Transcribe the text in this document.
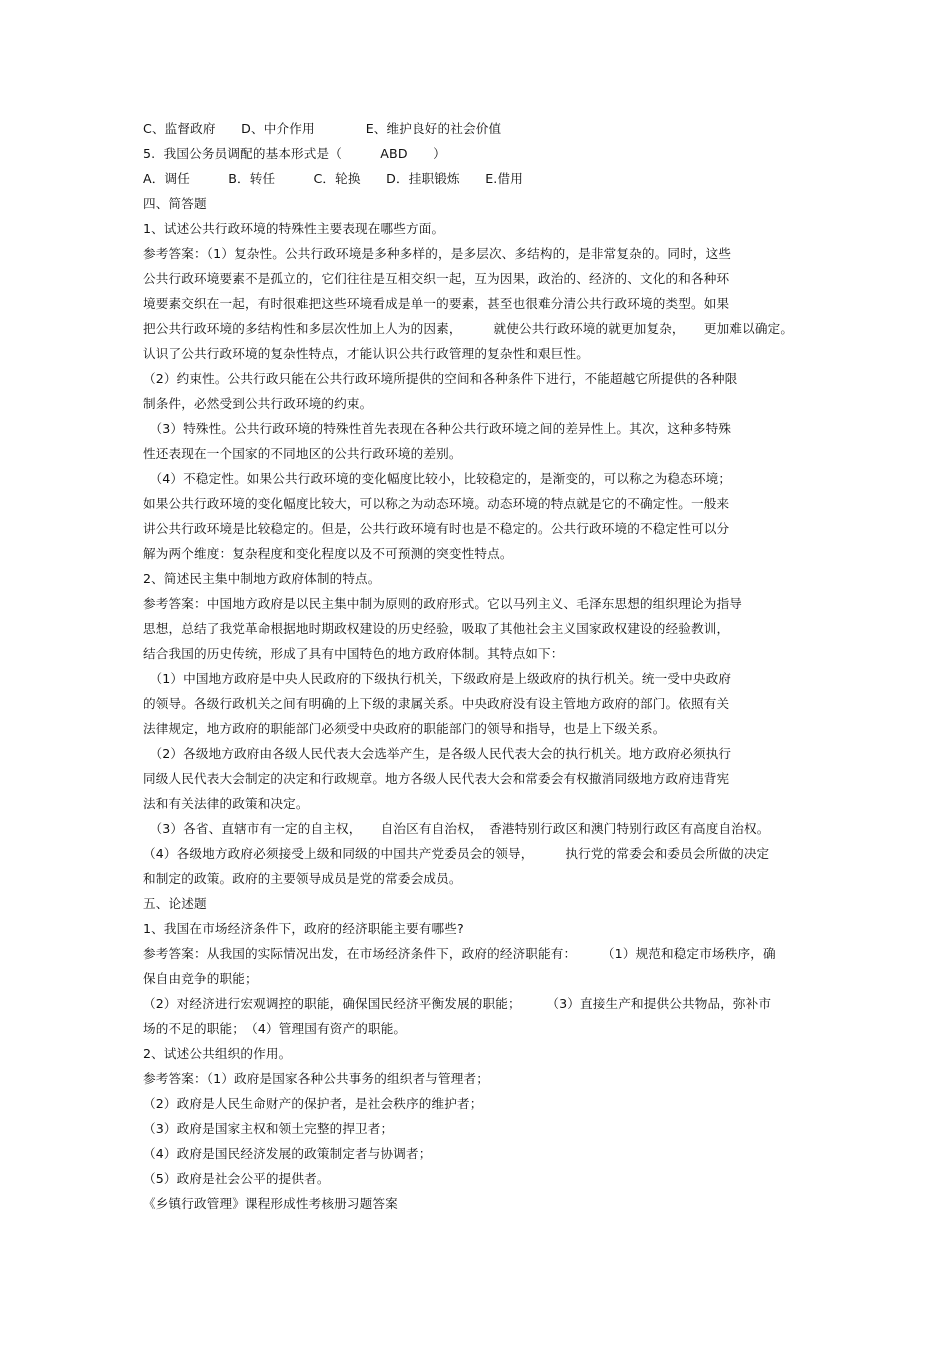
C、监督政府　　D、中介作用　　　　E、维护良好的社会价值
5.  我国公务员调配的基本形式是（　　　ABD　　）
A．调任　　　B．转任　　　C．轮换　　D．挂职锻炼　　E.借用
四、简答题
1、试述公共行政环境的特殊性主要表现在哪些方面。
参考答案：（1）复杂性。公共行政环境是多种多样的，是多层次、多结构的，是非常复杂的。同时，这些
公共行政环境要素不是孤立的，它们往往是互相交织一起，互为因果，政治的、经济的、文化的和各种环
境要素交织在一起，有时很难把这些环境看成是单一的要素，甚至也很难分清公共行政环境的类型。如果
把公共行政环境的多结构性和多层次性加上人为的因素，　　　就使公共行政环境的就更加复杂，　　更加难以确定。
认识了公共行政环境的复杂性特点，才能认识公共行政管理的复杂性和艰巨性。
（2）约束性。公共行政只能在公共行政环境所提供的空间和各种条件下进行，不能超越它所提供的各种限
制条件，必然受到公共行政环境的约束。
　（3）特殊性。公共行政环境的特殊性首先表现在各种公共行政环境之间的差异性上。其次，这种多特殊
性还表现在一个国家的不同地区的公共行政环境的差别。
　（4）不稳定性。如果公共行政环境的变化幅度比较小，比较稳定的，是渐变的，可以称之为稳态环境；
如果公共行政环境的变化幅度比较大，可以称之为动态环境。动态环境的特点就是它的不确定性。一般来
讲公共行政环境是比较稳定的。但是，公共行政环境有时也是不稳定的。公共行政环境的不稳定性可以分
解为两个维度：复杂程度和变化程度以及不可预测的突变性特点。
2、简述民主集中制地方政府体制的特点。
参考答案：中国地方政府是以民主集中制为原则的政府形式。它以马列主义、毛泽东思想的组织理论为指导
思想，总结了我党革命根据地时期政权建设的历史经验，吸取了其他社会主义国家政权建设的经验教训，
结合我国的历史传统，形成了具有中国特色的地方政府体制。其特点如下：
　（1）中国地方政府是中央人民政府的下级执行机关，下级政府是上级政府的执行机关。统一受中央政府
的领导。各级行政机关之间有明确的上下级的隶属关系。中央政府没有设主管地方政府的部门。依照有关
法律规定，地方政府的职能部门必须受中央政府的职能部门的领导和指导，也是上下级关系。
　（2）各级地方政府由各级人民代表大会选举产生，是各级人民代表大会的执行机关。地方政府必须执行
同级人民代表大会制定的决定和行政规章。地方各级人民代表大会和常委会有权撤消同级地方政府违背宪
法和有关法律的政策和决定。
　（3）各省、直辖市有一定的自主权，　　自治区有自治权，　香港特别行政区和澳门特别行政区有高度自治权。
（4）各级地方政府必须接受上级和同级的中国共产党委员会的领导，　　　执行党的常委会和委员会所做的决定
和制定的政策。政府的主要领导成员是党的常委会成员。
五、论述题
1、我国在市场经济条件下，政府的经济职能主要有哪些?
参考答案：从我国的实际情况出发，在市场经济条件下，政府的经济职能有：　　　（1）规范和稳定市场秩序，确
保自由竞争的职能；
（2）对经济进行宏观调控的职能，确保国民经济平衡发展的职能；　　　（3）直接生产和提供公共物品，弥补市
场的不足的职能；　（4）管理国有资产的职能。
2、试述公共组织的作用。
参考答案：（1）政府是国家各种公共事务的组织者与管理者；
（2）政府是人民生命财产的保护者，是社会秩序的维护者；
（3）政府是国家主权和领土完整的捍卫者；
（4）政府是国民经济发展的政策制定者与协调者；
（5）政府是社会公平的提供者。
《乡镇行政管理》课程形成性考核册习题答案
